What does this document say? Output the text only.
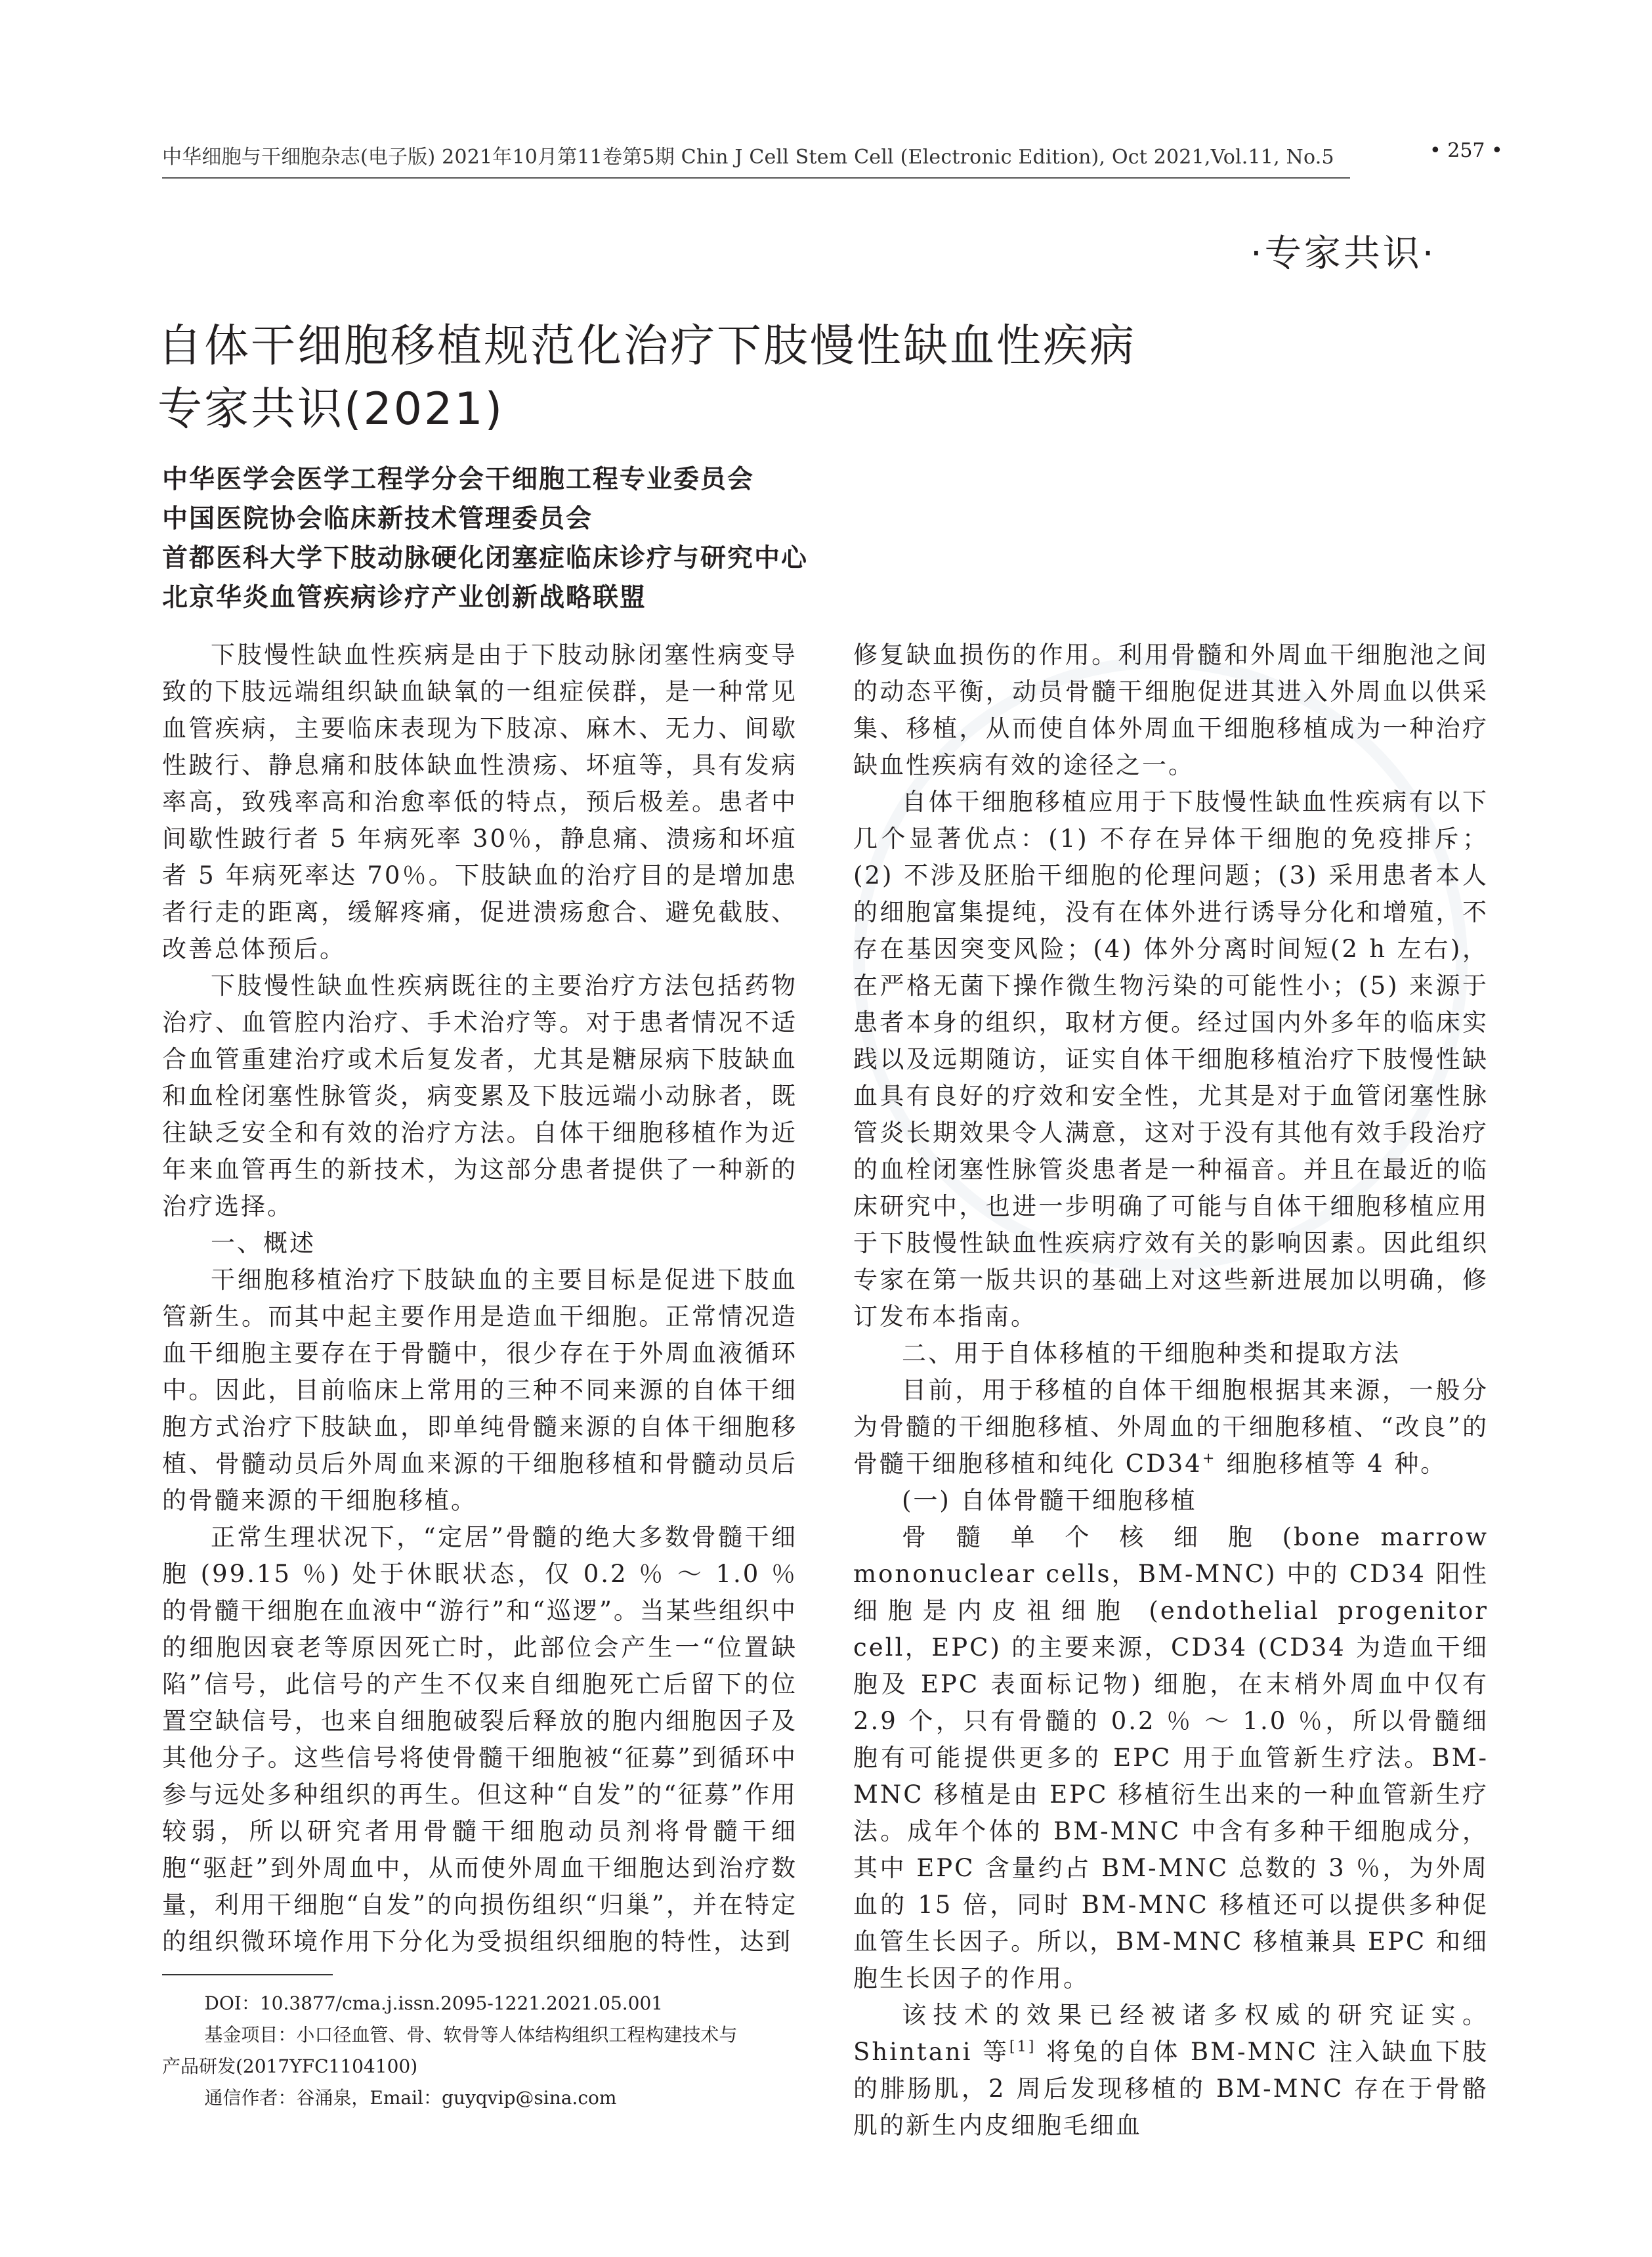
中华细胞与干细胞杂志(电子版) 2021年10月第11卷第5期 Chin J Cell Stem Cell (Electronic Edition), Oct 2021,Vol.11, No.5	• 257 •
·专家共识·
自体干细胞移植规范化治疗下肢慢性缺血性疾病
专家共识(2021)
中华医学会医学工程学分会干细胞工程专业委员会
中国医院协会临床新技术管理委员会
首都医科大学下肢动脉硬化闭塞症临床诊疗与研究中心
北京华炎血管疾病诊疗产业创新战略联盟

下肢慢性缺血性疾病是由于下肢动脉闭塞性病变导致的下肢远端组织缺血缺氧的一组症侯群，是一种常见血管疾病，主要临床表现为下肢凉、麻木、无力、间歇性跛行、静息痛和肢体缺血性溃疡、坏疽等，具有发病率高，致残率高和治愈率低的特点，预后极差。患者中间歇性跛行者 5 年病死率 30％，静息痛、溃疡和坏疽者 5 年病死率达 70％。下肢缺血的治疗目的是增加患者行走的距离，缓解疼痛，促进溃疡愈合、避免截肢、改善总体预后。

下肢慢性缺血性疾病既往的主要治疗方法包括药物治疗、血管腔内治疗、手术治疗等。对于患者情况不适合血管重建治疗或术后复发者，尤其是糖尿病下肢缺血和血栓闭塞性脉管炎，病变累及下肢远端小动脉者，既往缺乏安全和有效的治疗方法。自体干细胞移植作为近年来血管再生的新技术，为这部分患者提供了一种新的治疗选择。

一、概述

干细胞移植治疗下肢缺血的主要目标是促进下肢血管新生。而其中起主要作用是造血干细胞。正常情况造血干细胞主要存在于骨髓中，很少存在于外周血液循环中。因此，目前临床上常用的三种不同来源的自体干细胞方式治疗下肢缺血，即单纯骨髓来源的自体干细胞移植、骨髓动员后外周血来源的干细胞移植和骨髓动员后的骨髓来源的干细胞移植。

正常生理状况下，“定居”骨髓的绝大多数骨髓干细胞 (99.15 ％) 处于休眠状态，仅 0.2 ％ ～ 1.0 ％的骨髓干细胞在血液中“游行”和“巡逻”。当某些组织中的细胞因衰老等原因死亡时，此部位会产生一“位置缺陷”信号，此信号的产生不仅来自细胞死亡后留下的位置空缺信号，也来自细胞破裂后释放的胞内细胞因子及其他分子。这些信号将使骨髓干细胞被“征募”到循环中参与远处多种组织的再生。但这种“自发”的“征募”作用较弱，所以研究者用骨髓干细胞动员剂将骨髓干细胞“驱赶”到外周血中，从而使外周血干细胞达到治疗数量，利用干细胞“自发”的向损伤组织“归巢”，并在特定的组织微环境作用下分化为受损组织细胞的特性，达到

修复缺血损伤的作用。利用骨髓和外周血干细胞池之间的动态平衡，动员骨髓干细胞促进其进入外周血以供采集、移植，从而使自体外周血干细胞移植成为一种治疗缺血性疾病有效的途径之一。

自体干细胞移植应用于下肢慢性缺血性疾病有以下几个显著优点：(1) 不存在异体干细胞的免疫排斥；(2) 不涉及胚胎干细胞的伦理问题；(3) 采用患者本人的细胞富集提纯，没有在体外进行诱导分化和增殖，不存在基因突变风险；(4) 体外分离时间短(2 h 左右)，在严格无菌下操作微生物污染的可能性小；(5) 来源于患者本身的组织，取材方便。经过国内外多年的临床实践以及远期随访，证实自体干细胞移植治疗下肢慢性缺血具有良好的疗效和安全性，尤其是对于血管闭塞性脉管炎长期效果令人满意，这对于没有其他有效手段治疗的血栓闭塞性脉管炎患者是一种福音。并且在最近的临床研究中，也进一步明确了可能与自体干细胞移植应用于下肢慢性缺血性疾病疗效有关的影响因素。因此组织专家在第一版共识的基础上对这些新进展加以明确，修订发布本指南。

二、用于自体移植的干细胞种类和提取方法

目前，用于移植的自体干细胞根据其来源，一般分为骨髓的干细胞移植、外周血的干细胞移植、“改良”的骨髓干细胞移植和纯化 CD34+ 细胞移植等 4 种。

(一) 自体骨髓干细胞移植

骨 髓 单 个 核 细 胞 (bone marrow mononuclear cells，BM-MNC) 中的 CD34 阳性细胞是内皮祖细胞 (endothelial progenitor cell，EPC) 的主要来源，CD34 (CD34 为造血干细胞及 EPC 表面标记物) 细胞，在末梢外周血中仅有 2.9 个，只有骨髓的 0.2 ％ ～ 1.0 ％，所以骨髓细胞有可能提供更多的 EPC 用于血管新生疗法。BM-MNC 移植是由 EPC 移植衍生出来的一种血管新生疗法。成年个体的 BM-MNC 中含有多种干细胞成分，其中 EPC 含量约占 BM-MNC 总数的 3 ％，为外周血的 15 倍，同时 BM-MNC 移植还可以提供多种促血管生长因子。所以，BM-MNC 移植兼具 EPC 和细胞生长因子的作用。

该技术的效果已经被诸多权威的研究证实。Shintani 等[1] 将兔的自体 BM-MNC 注入缺血下肢的腓肠肌，2 周后发现移植的 BM-MNC 存在于骨骼肌的新生内皮细胞毛细血

DOI：10.3877/cma.j.issn.2095-1221.2021.05.001
基金项目：小口径血管、骨、软骨等人体结构组织工程构建技术与
产品研发(2017YFC1104100)
通信作者：谷涌泉，Email：guyqvip@sina.com
